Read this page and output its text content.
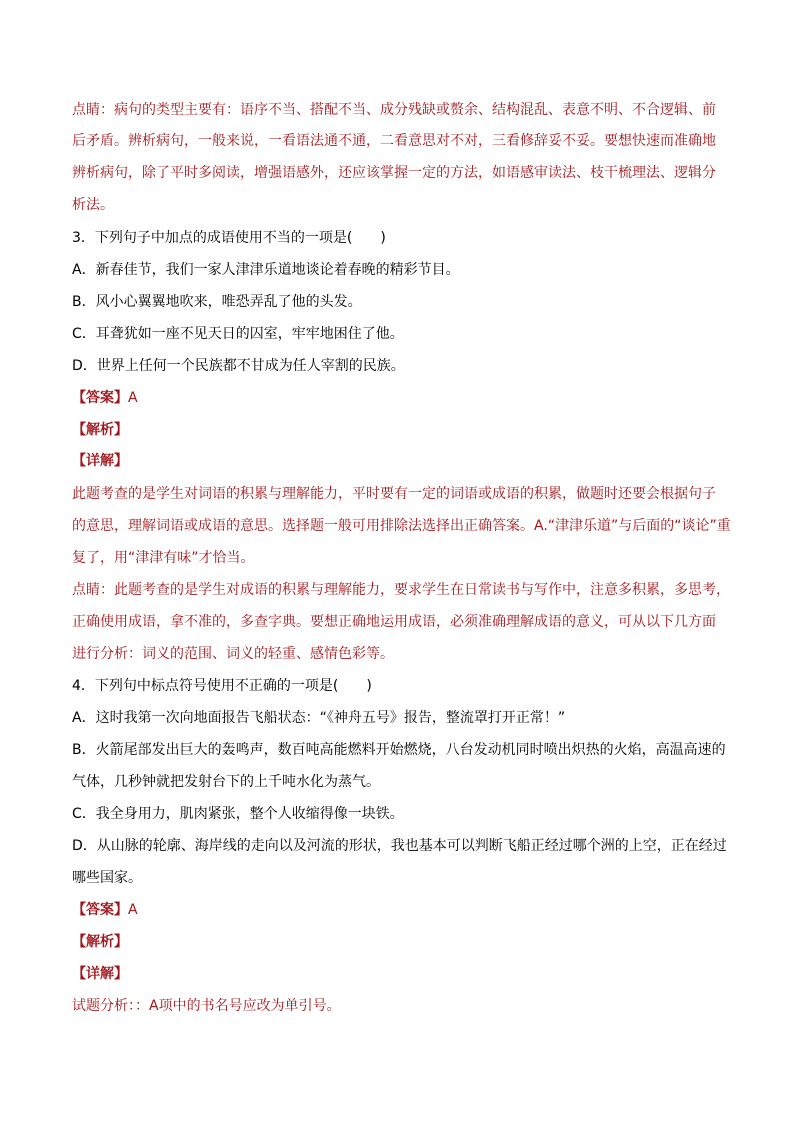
点睛：病句的类型主要有：语序不当、搭配不当、成分残缺或赘余、结构混乱、表意不明、不合逻辑、前
后矛盾。辨析病句，一般来说，一看语法通不通，二看意思对不对，三看修辞妥不妥。要想快速而准确地
辨析病句，除了平时多阅读，增强语感外，还应该掌握一定的方法，如语感审读法、枝干梳理法、逻辑分
析法。
3．下列句子中加点的成语使用不当的一项是(　　)
A．新春佳节，我们一家人津津乐道地谈论着春晚的精彩节目。
B．风小心翼翼地吹来，唯恐弄乱了他的头发。
C．耳聋犹如一座不见天日的囚室，牢牢地困住了他。
D．世界上任何一个民族都不甘成为任人宰割的民族。
【答案】A
【解析】
【详解】
此题考查的是学生对词语的积累与理解能力，平时要有一定的词语或成语的积累，做题时还要会根据句子
的意思，理解词语或成语的意思。选择题一般可用排除法选择出正确答案。A.“津津乐道”与后面的“谈论”重
复了，用“津津有味”才恰当。
点睛：此题考查的是学生对成语的积累与理解能力，要求学生在日常读书与写作中，注意多积累，多思考，
正确使用成语，拿不准的，多查字典。要想正确地运用成语，必须准确理解成语的意义，可从以下几方面
进行分析：词义的范围、词义的轻重、感情色彩等。
4．下列句中标点符号使用不正确的一项是(　　)
A．这时我第一次向地面报告飞船状态：“《神舟五号》报告，整流罩打开正常！”
B．火箭尾部发出巨大的轰鸣声，数百吨高能燃料开始燃烧，八台发动机同时喷出炽热的火焰，高温高速的
气体，几秒钟就把发射台下的上千吨水化为蒸气。
C．我全身用力，肌肉紧张，整个人收缩得像一块铁。
D．从山脉的轮廓、海岸线的走向以及河流的形状，我也基本可以判断飞船正经过哪个洲的上空，正在经过
哪些国家。
【答案】A
【解析】
【详解】
试题分析：：A项中的书名号应改为单引号。
